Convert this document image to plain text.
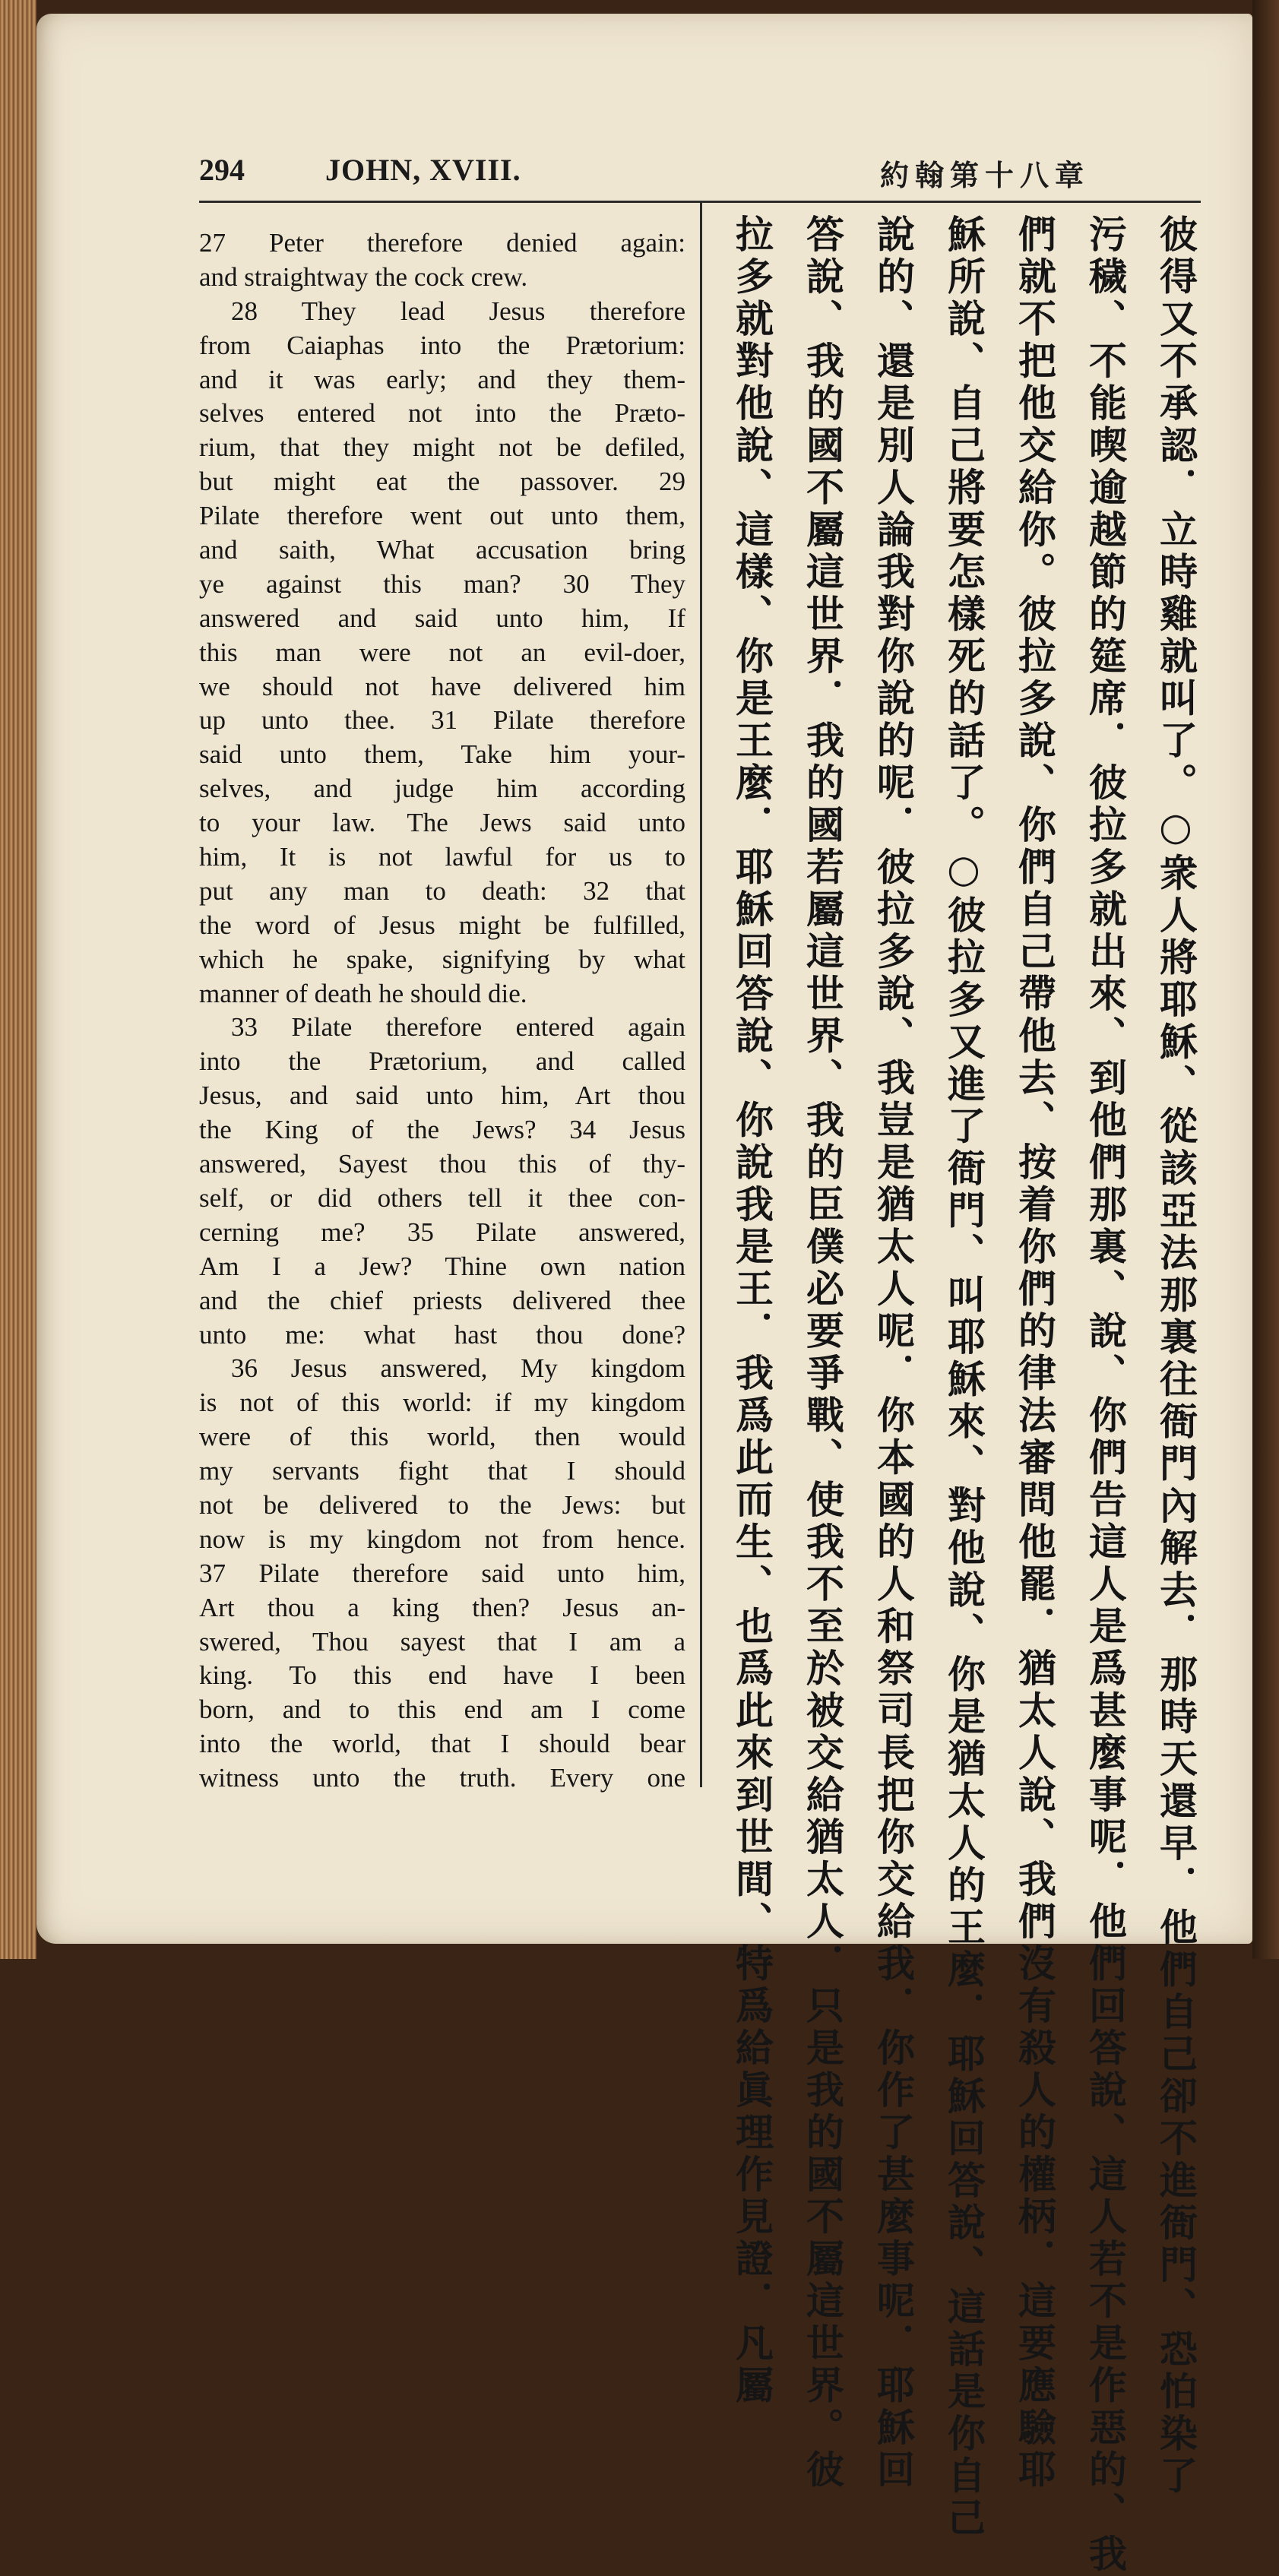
294	JOHN, XVIII.	約翰第十八章
27 Peter therefore denied again:
and straightway the cock crew.
28 They lead Jesus therefore
from Caiaphas into the Prætorium:
and it was early; and they them-
selves entered not into the Præto-
rium, that they might not be defiled,
but might eat the passover. 29
Pilate therefore went out unto them,
and saith, What accusation bring
ye against this man? 30 They
answered and said unto him, If
this man were not an evil-doer,
we should not have delivered him
up unto thee. 31 Pilate therefore
said unto them, Take him your-
selves, and judge him according
to your law. The Jews said unto
him, It is not lawful for us to
put any man to death: 32 that
the word of Jesus might be fulfilled,
which he spake, signifying by what
manner of death he should die.
33 Pilate therefore entered again
into the Prætorium, and called
Jesus, and said unto him, Art thou
the King of the Jews? 34 Jesus
answered, Sayest thou this of thy-
self, or did others tell it thee con-
cerning me? 35 Pilate answered,
Am I a Jew? Thine own nation
and the chief priests delivered thee
unto me: what hast thou done?
36 Jesus answered, My kingdom
is not of this world: if my kingdom
were of this world, then would
my servants fight that I should
not be delivered to the Jews: but
now is my kingdom not from hence.
37 Pilate therefore said unto him,
Art thou a king then? Jesus an-
swered, Thou sayest that I am a
king. To this end have I been
born, and to this end am I come
into the world, that I should bear
witness unto the truth. Every one	彼得又不承認．立時雞就叫了。○衆人將耶穌、從該亞法那裏往衙門內解去．那時天還早．他們自己卻不進衙門、恐怕染了
污穢、不能喫逾越節的筵席．彼拉多就出來、到他們那裏、說、你們告這人是爲甚麼事呢．他們回答說、這人若不是作惡的、我
們就不把他交給你。彼拉多說、你們自己帶他去、按着你們的律法審問他罷．猶太人說、我們沒有殺人的權柄．這要應驗耶
穌所說、自己將要怎樣死的話了。○彼拉多又進了衙門、叫耶穌來、對他說、你是猶太人的王麼．耶穌回答說、這話是你自己
說的、還是別人論我對你說的呢．彼拉多說、我豈是猶太人呢．你本國的人和祭司長把你交給我．你作了甚麼事呢．耶穌回
答說、我的國不屬這世界．我的國若屬這世界、我的臣僕必要爭戰、使我不至於被交給猶太人．只是我的國不屬這世界。彼
拉多就對他說、這樣、你是王麼．耶穌回答說、你說我是王．我爲此而生、也爲此來到世間、特爲給眞理作見證．凡屬
